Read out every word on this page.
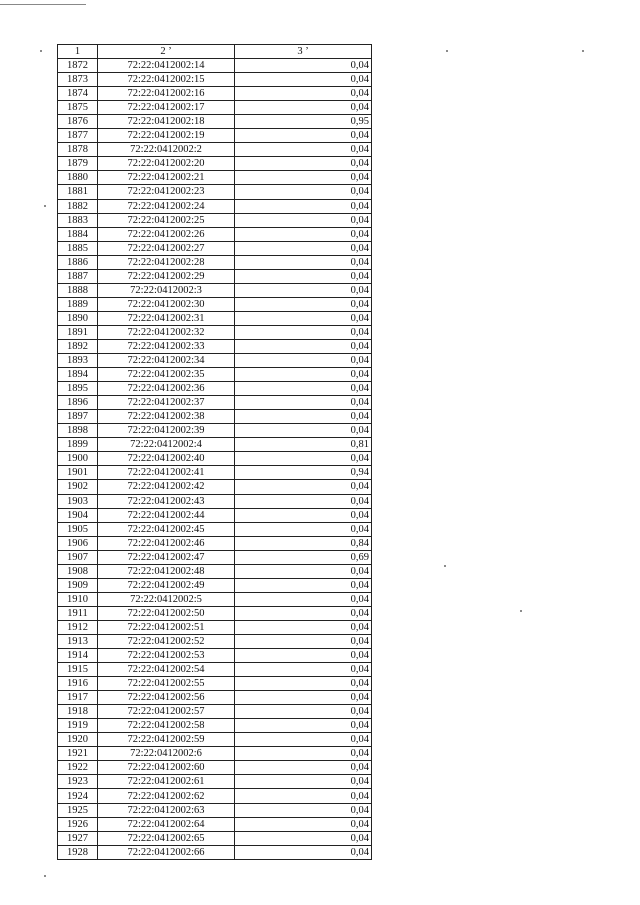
1	2 ’	3 ’
1872	72:22:0412002:14	0,04
1873	72:22:0412002:15	0,04
1874	72:22:0412002:16	0,04
1875	72:22:0412002:17	0,04
1876	72:22:0412002:18	0,95
1877	72:22:0412002:19	0,04
1878	72:22:0412002:2	0,04
1879	72:22:0412002:20	0,04
1880	72:22:0412002:21	0,04
1881	72:22:0412002:23	0,04
1882	72:22:0412002:24	0,04
1883	72:22:0412002:25	0,04
1884	72:22:0412002:26	0,04
1885	72:22:0412002:27	0,04
1886	72:22:0412002:28	0,04
1887	72:22:0412002:29	0,04
1888	72:22:0412002:3	0,04
1889	72:22:0412002:30	0,04
1890	72:22:0412002:31	0,04
1891	72:22:0412002:32	0,04
1892	72:22:0412002:33	0,04
1893	72:22:0412002:34	0,04
1894	72:22:0412002:35	0,04
1895	72:22:0412002:36	0,04
1896	72:22:0412002:37	0,04
1897	72:22:0412002:38	0,04
1898	72:22:0412002:39	0,04
1899	72:22:0412002:4	0,81
1900	72:22:0412002:40	0,04
1901	72:22:0412002:41	0,94
1902	72:22:0412002:42	0,04
1903	72:22:0412002:43	0,04
1904	72:22:0412002:44	0,04
1905	72:22:0412002:45	0,04
1906	72:22:0412002:46	0,84
1907	72:22:0412002:47	0,69
1908	72:22:0412002:48	0,04
1909	72:22:0412002:49	0,04
1910	72:22:0412002:5	0,04
1911	72:22:0412002:50	0,04
1912	72:22:0412002:51	0,04
1913	72:22:0412002:52	0,04
1914	72:22:0412002:53	0,04
1915	72:22:0412002:54	0,04
1916	72:22:0412002:55	0,04
1917	72:22:0412002:56	0,04
1918	72:22:0412002:57	0,04
1919	72:22:0412002:58	0,04
1920	72:22:0412002:59	0,04
1921	72:22:0412002:6	0,04
1922	72:22:0412002:60	0,04
1923	72:22:0412002:61	0,04
1924	72:22:0412002:62	0,04
1925	72:22:0412002:63	0,04
1926	72:22:0412002:64	0,04
1927	72:22:0412002:65	0,04
1928	72:22:0412002:66	0,04
